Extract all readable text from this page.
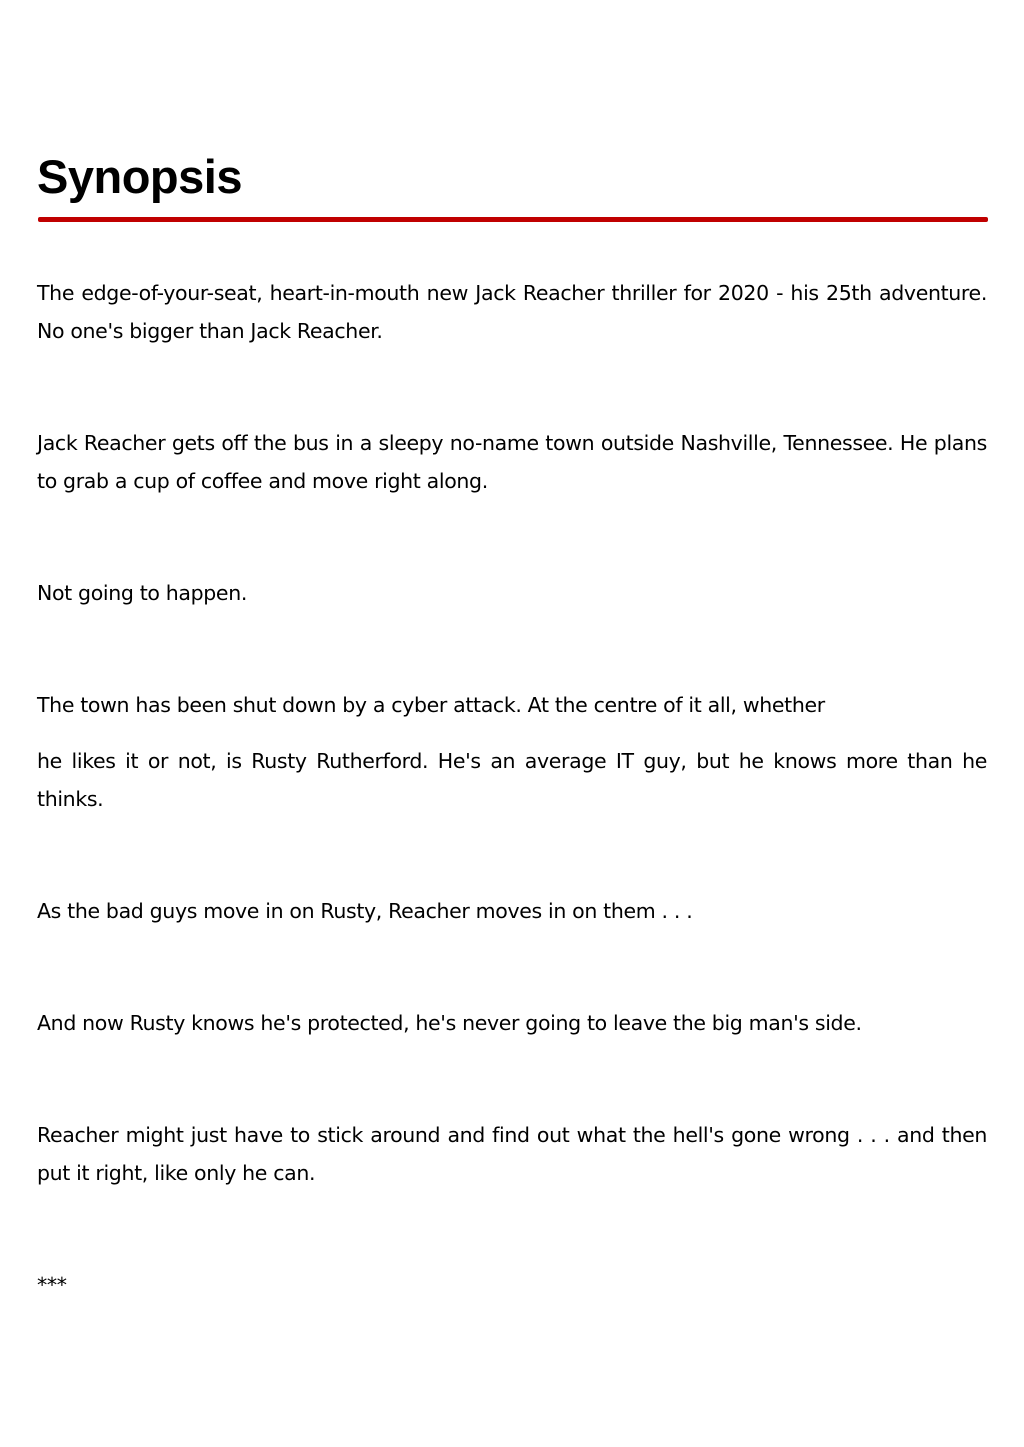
Synopsis

The edge-of-your-seat, heart-in-mouth new Jack Reacher thriller for 2020 - his 25th adventure. No one's bigger than Jack Reacher.

Jack Reacher gets off the bus in a sleepy no-name town outside Nashville, Tennessee. He plans to grab a cup of coffee and move right along.

Not going to happen.

The town has been shut down by a cyber attack. At the centre of it all, whether

he likes it or not, is Rusty Rutherford. He's an average IT guy, but he knows more than he thinks.

As the bad guys move in on Rusty, Reacher moves in on them . . .

And now Rusty knows he's protected, he's never going to leave the big man's side.

Reacher might just have to stick around and find out what the hell's gone wrong . . . and then put it right, like only he can.

***
